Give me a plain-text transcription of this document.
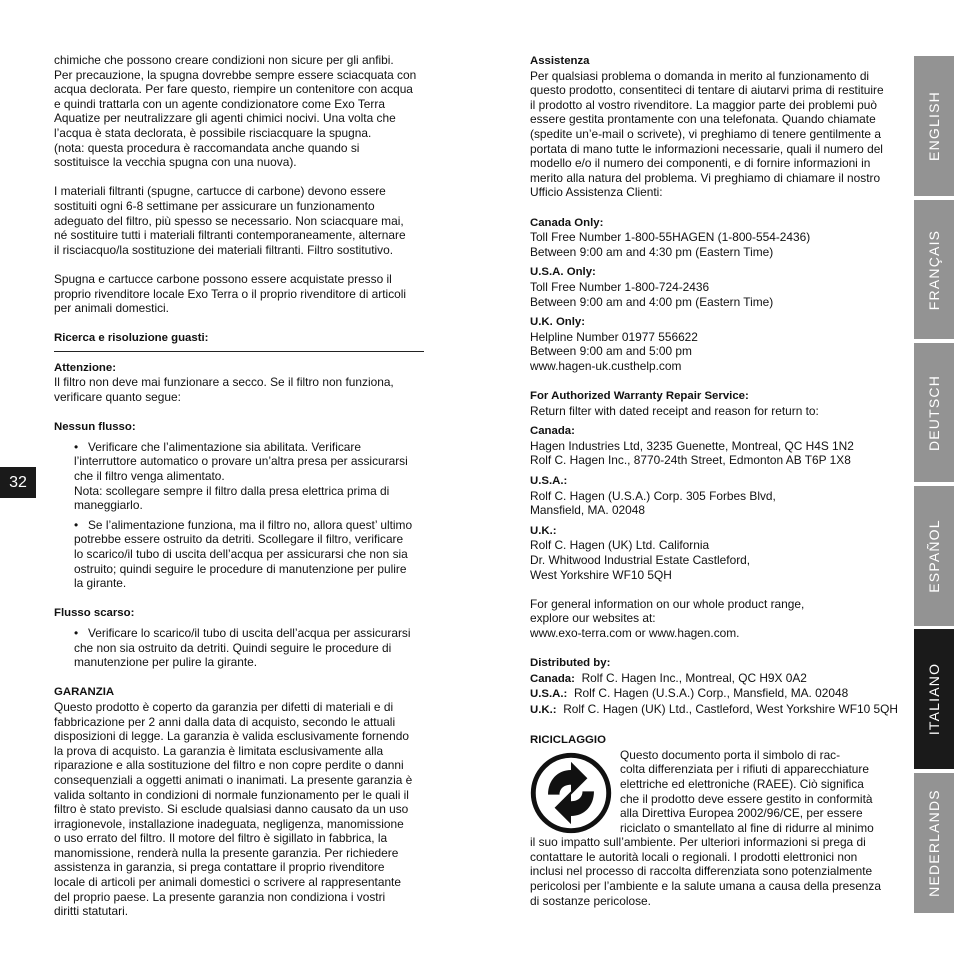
32

chimiche che possono creare condizioni non sicure per gli anfibi.

Per precauzione, la spugna dovrebbe sempre essere sciacquata con

acqua declorata. Per fare questo, riempire un contenitore con acqua

e quindi trattarla con un agente condizionatore come Exo Terra

Aquatize per neutralizzare gli agenti chimici nocivi. Una volta che

l’acqua è stata declorata, è possibile risciacquare la spugna.

(nota: questa procedura è raccomandata anche quando si

sostituisce la vecchia spugna con una nuova).

I materiali filtranti (spugne, cartucce di carbone) devono essere

sostituiti ogni 6-8 settimane per assicurare un funzionamento

adeguato del filtro, più spesso se necessario. Non sciacquare mai,

né sostituire tutti i materiali filtranti contemporaneamente, alternare

il risciacquo/la sostituzione dei materiali filtranti. Filtro sostitutivo.

Spugna e cartucce carbone possono essere acquistate presso il

proprio rivenditore locale Exo Terra o il proprio rivenditore di articoli

per animali domestici.

Ricerca e risoluzione guasti:

Attenzione:

Il filtro non deve mai funzionare a secco. Se il filtro non funziona,

verificare quanto segue:

Nessun flusso:

• Verificare che l’alimentazione sia abilitata. Verificare

l’interruttore automatico o provare un’altra presa per assicurarsi

che il filtro venga alimentato.

Nota: scollegare sempre il filtro dalla presa elettrica prima di

maneggiarlo.

• Se l’alimentazione funziona, ma il filtro no, allora quest’ ultimo

potrebbe essere ostruito da detriti. Scollegare il filtro, verificare

lo scarico/il tubo di uscita dell’acqua per assicurarsi che non sia

ostruito; quindi seguire le procedure di manutenzione per pulire

la girante.

Flusso scarso:

• Verificare lo scarico/il tubo di uscita dell’acqua per assicurarsi

che non sia ostruito da detriti. Quindi seguire le procedure di

manutenzione per pulire la girante.

GARANZIA

Questo prodotto è coperto da garanzia per difetti di materiali e di

fabbricazione per 2 anni dalla data di acquisto, secondo le attuali

disposizioni di legge. La garanzia è valida esclusivamente fornendo

la prova di acquisto. La garanzia è limitata esclusivamente alla

riparazione e alla sostituzione del filtro e non copre perdite o danni

consequenziali a oggetti animati o inanimati. La presente garanzia è

valida soltanto in condizioni di normale funzionamento per le quali il

filtro è stato previsto. Si esclude qualsiasi danno causato da un uso

irragionevole, installazione inadeguata, negligenza, manomissione

o uso errato del filtro. Il motore del filtro è sigillato in fabbrica, la

manomissione, renderà nulla la presente garanzia. Per richiedere

assistenza in garanzia, si prega contattare il proprio rivenditore

locale di articoli per animali domestici o scrivere al rappresentante

del proprio paese. La presente garanzia non condiziona i vostri

diritti statutari.

Assistenza

Per qualsiasi problema o domanda in merito al funzionamento di

questo prodotto, consentiteci di tentare di aiutarvi prima di restituire

il prodotto al vostro rivenditore. La maggior parte dei problemi può

essere gestita prontamente con una telefonata. Quando chiamate

(spedite un’e-mail o scrivete), vi preghiamo di tenere gentilmente a

portata di mano tutte le informazioni necessarie, quali il numero del

modello e/o il numero dei componenti, e di fornire informazioni in

merito alla natura del problema. Vi preghiamo di chiamare il nostro

Ufficio Assistenza Clienti:

Canada Only:

Toll Free Number 1-800-55HAGEN (1-800-554-2436)

Between 9:00 am and 4:30 pm (Eastern Time)

U.S.A. Only:

Toll Free Number 1-800-724-2436

Between 9:00 am and 4:00 pm (Eastern Time)

U.K. Only:

Helpline Number 01977 556622

Between 9:00 am and 5:00 pm

www.hagen-uk.custhelp.com

For Authorized Warranty Repair Service:

Return filter with dated receipt and reason for return to:

Canada:

Hagen Industries Ltd, 3235 Guenette, Montreal, QC H4S 1N2

Rolf C. Hagen Inc., 8770-24th Street, Edmonton AB T6P 1X8

U.S.A.:

Rolf C. Hagen (U.S.A.) Corp. 305 Forbes Blvd,

Mansfield, MA. 02048

U.K.:

Rolf C. Hagen (UK) Ltd. California

Dr. Whitwood Industrial Estate Castleford,

West Yorkshire WF10 5QH

For general information on our whole product range,

explore our websites at:

www.exo-terra.com or www.hagen.com.

Distributed by:

Canada: Rolf C. Hagen Inc., Montreal, QC H9X 0A2

U.S.A.: Rolf C. Hagen (U.S.A.) Corp., Mansfield, MA. 02048

U.K.: Rolf C. Hagen (UK) Ltd., Castleford, West Yorkshire WF10 5QH

RICICLAGGIO

Questo documento porta il simbolo di rac-

colta differenziata per i rifiuti di apparecchiature

elettriche ed elettroniche (RAEE). Ciò significa

che il prodotto deve essere gestito in conformità

alla Direttiva Europea 2002/96/CE, per essere

riciclato o smantellato al fine di ridurre al minimo

il suo impatto sull’ambiente. Per ulteriori informazioni si prega di

contattare le autorità locali o regionali. I prodotti elettronici non

inclusi nel processo di raccolta differenziata sono potenzialmente

pericolosi per l’ambiente e la salute umana a causa della presenza

di sostanze pericolose.

ENGLISH
FRANÇAIS
DEUTSCH
ESPAÑOL
ITALIANO
NEDERLANDS
